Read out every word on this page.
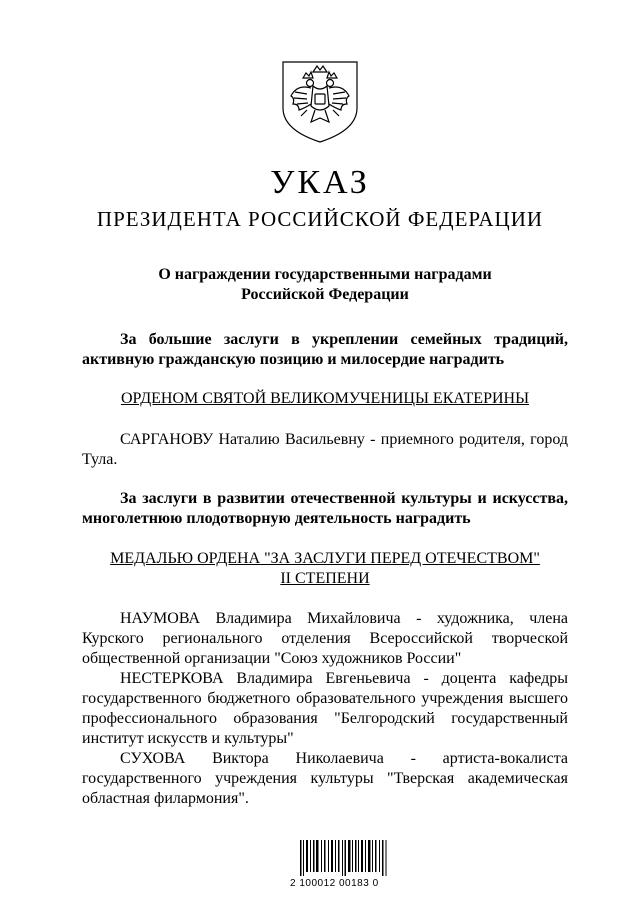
УКАЗ
ПРЕЗИДЕНТА РОССИЙСКОЙ ФЕДЕРАЦИИ

О награждении государственными наградами

Российской Федерации

За большие заслуги в укреплении семейных традиций, активную гражданскую позицию и милосердие наградить
ОРДЕНОМ СВЯТОЙ ВЕЛИКОМУЧЕНИЦЫ ЕКАТЕРИНЫ
САРГАНОВУ Наталию Васильевну - приемного родителя, город Тула.
За заслуги в развитии отечественной культуры и искусства, многолетнюю плодотворную деятельность наградить

МЕДАЛЬЮ ОРДЕНА "ЗА ЗАСЛУГИ ПЕРЕД ОТЕЧЕСТВОМ"

II СТЕПЕНИ

НАУМОВА Владимира Михайловича - художника, члена Курского регионального отделения Всероссийской творческой общественной организации "Союз художников России"

НЕСТЕРКОВА Владимира Евгеньевича - доцента кафедры государственного бюджетного образовательного учреждения высшего профессионального образования "Белгородский государственный институт искусств и культуры"

СУХОВА Виктора Николаевича - артиста-вокалиста государственного учреждения культуры "Тверская академическая областная филармония".

2 100012 00183 0
